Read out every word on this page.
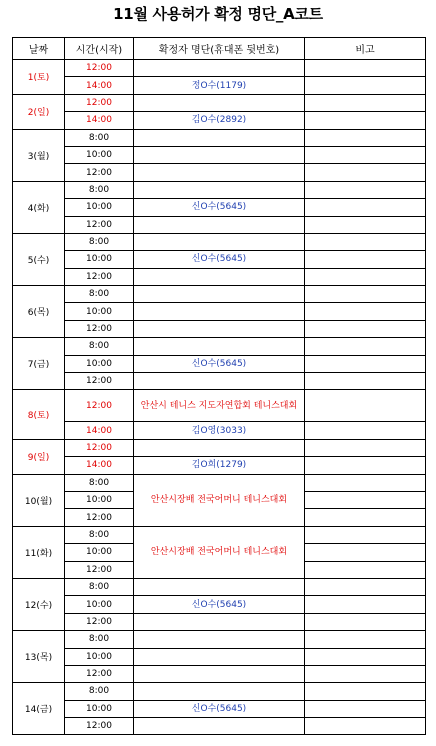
11월 사용허가 확정 명단_A코트
날짜	시간(시작)	확정자 명단(휴대폰 뒷번호)	비고
1(토)	12:00		
	14:00	정O수(1179)	
2(일)	12:00		
	14:00	김O수(2892)	
3(월)	8:00		
	10:00		
	12:00		
4(화)	8:00		
	10:00	신O수(5645)	
	12:00		
5(수)	8:00		
	10:00	신O수(5645)	
	12:00		
6(목)	8:00		
	10:00		
	12:00		
7(금)	8:00		
	10:00	신O수(5645)	
	12:00		
8(토)	12:00	안산시 테니스 지도자연합회 테니스대회	
	14:00	김O영(3033)	
9(일)	12:00		
	14:00	김O희(1279)	
10(월)	8:00	안산시장배 전국어머니 테니스대회	
	10:00		
	12:00		
11(화)	8:00	안산시장배 전국어머니 테니스대회	
	10:00		
	12:00		
12(수)	8:00		
	10:00	신O수(5645)	
	12:00		
13(목)	8:00		
	10:00		
	12:00		
14(금)	8:00		
	10:00	신O수(5645)	
	12:00		
